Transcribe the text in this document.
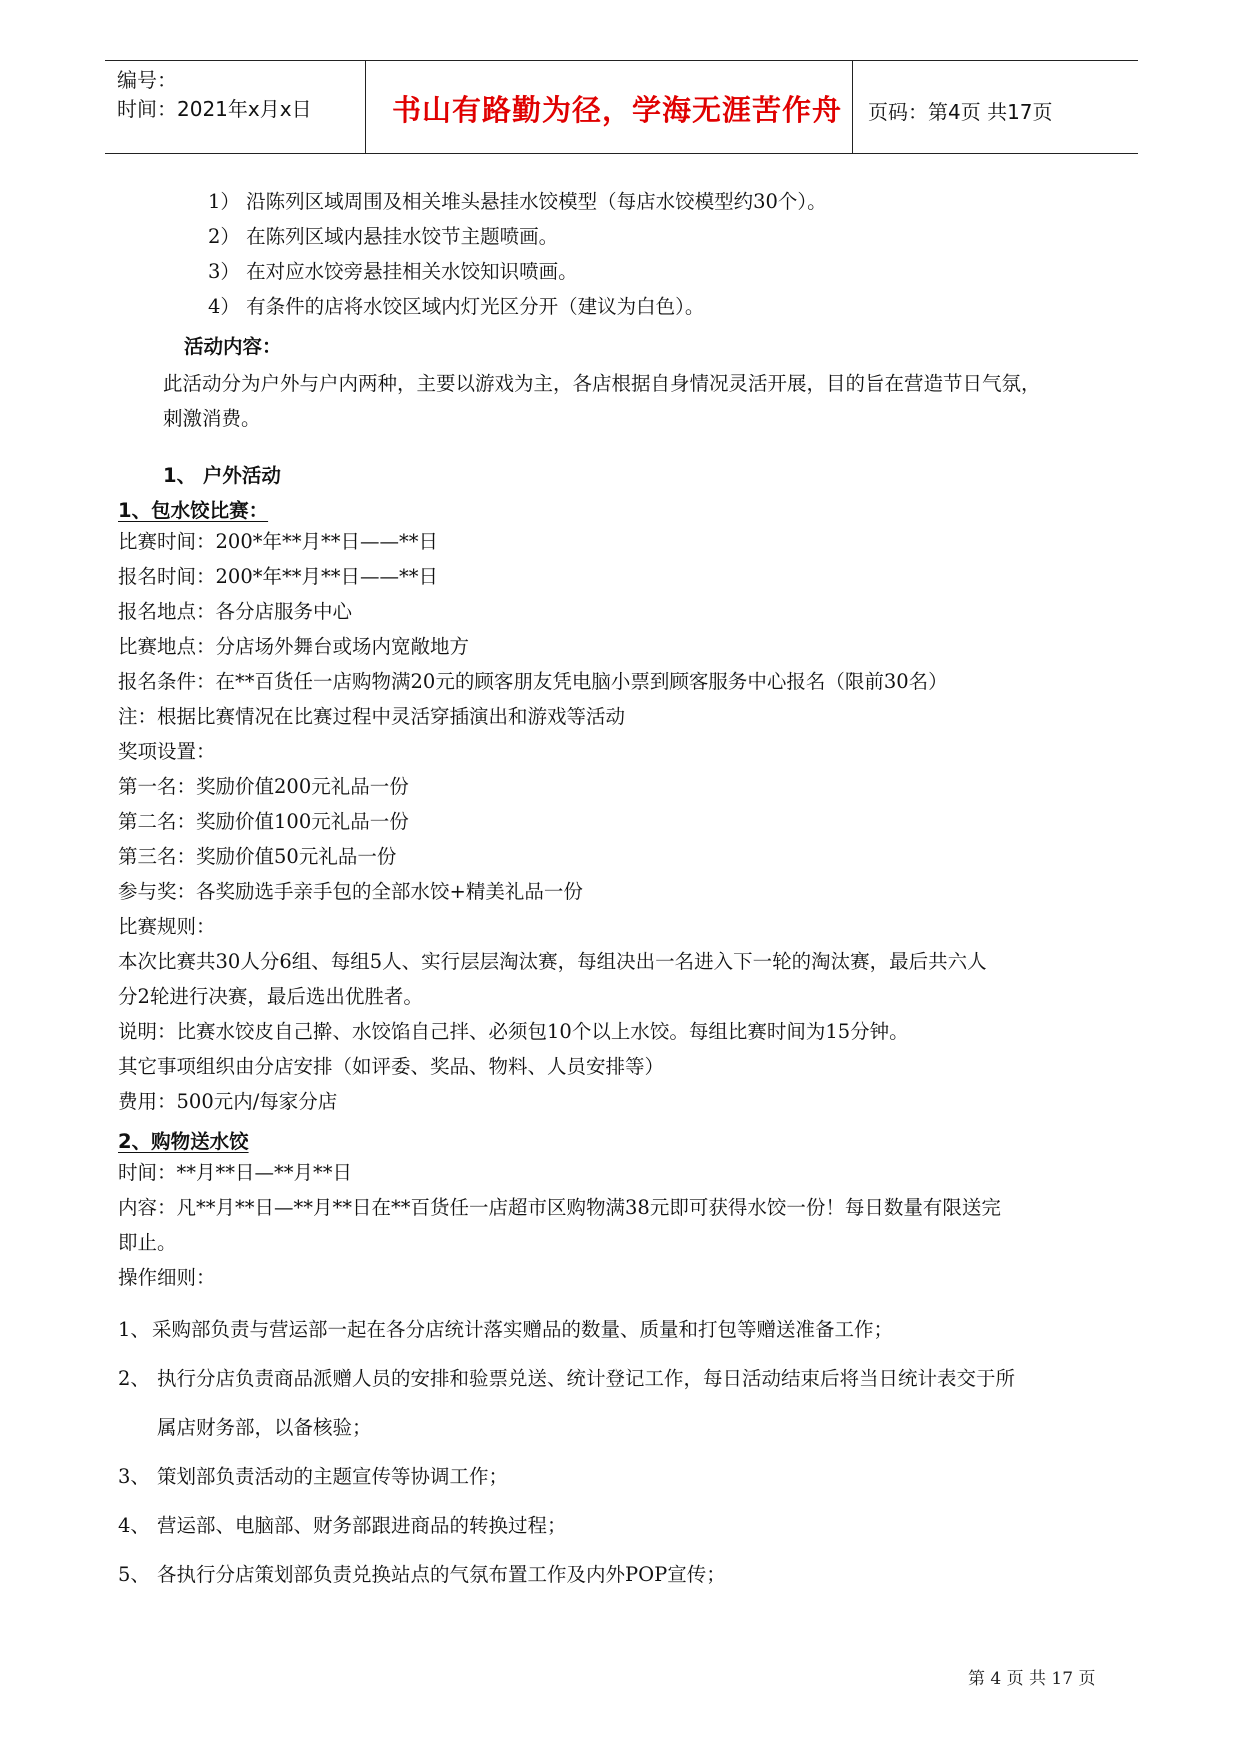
编号：
时间：2021年x月x日	书山有路勤为径，学海无涯苦作舟 页码：第4页 共17页
1） 沿陈列区域周围及相关堆头悬挂水饺模型（每店水饺模型约30个）。
2） 在陈列区域内悬挂水饺节主题喷画。
3） 在对应水饺旁悬挂相关水饺知识喷画。
4） 有条件的店将水饺区域内灯光区分开（建议为白色）。
活动内容：
此活动分为户外与户内两种，主要以游戏为主，各店根据自身情况灵活开展，目的旨在营造节日气氛，
刺激消费。
1、 户外活动
1、包水饺比赛：
比赛时间：200*年**月**日——**日
报名时间：200*年**月**日——**日
报名地点：各分店服务中心
比赛地点：分店场外舞台或场内宽敞地方
报名条件：在**百货任一店购物满20元的顾客朋友凭电脑小票到顾客服务中心报名（限前30名）
注：根据比赛情况在比赛过程中灵活穿插演出和游戏等活动
奖项设置：
第一名：奖励价值200元礼品一份
第二名：奖励价值100元礼品一份
第三名：奖励价值50元礼品一份
参与奖：各奖励选手亲手包的全部水饺+精美礼品一份
比赛规则：
本次比赛共30人分6组、每组5人、实行层层淘汰赛，每组决出一名进入下一轮的淘汰赛，最后共六人
分2轮进行决赛，最后选出优胜者。
说明：比赛水饺皮自己擀、水饺馅自己拌、必须包10个以上水饺。每组比赛时间为15分钟。
其它事项组织由分店安排（如评委、奖品、物料、人员安排等）
费用：500元内/每家分店
2、购物送水饺
时间：**月**日—**月**日
内容：凡**月**日—**月**日在**百货任一店超市区购物满38元即可获得水饺一份！每日数量有限送完
即止。
操作细则：
1、 采购部负责与营运部一起在各分店统计落实赠品的数量、质量和打包等赠送准备工作；
2、 执行分店负责商品派赠人员的安排和验票兑送、统计登记工作，每日活动结束后将当日统计表交于所
属店财务部，以备核验；
3、 策划部负责活动的主题宣传等协调工作；
4、 营运部、电脑部、财务部跟进商品的转换过程；
5、 各执行分店策划部负责兑换站点的气氛布置工作及内外POP宣传；
第 4 页 共 17 页
